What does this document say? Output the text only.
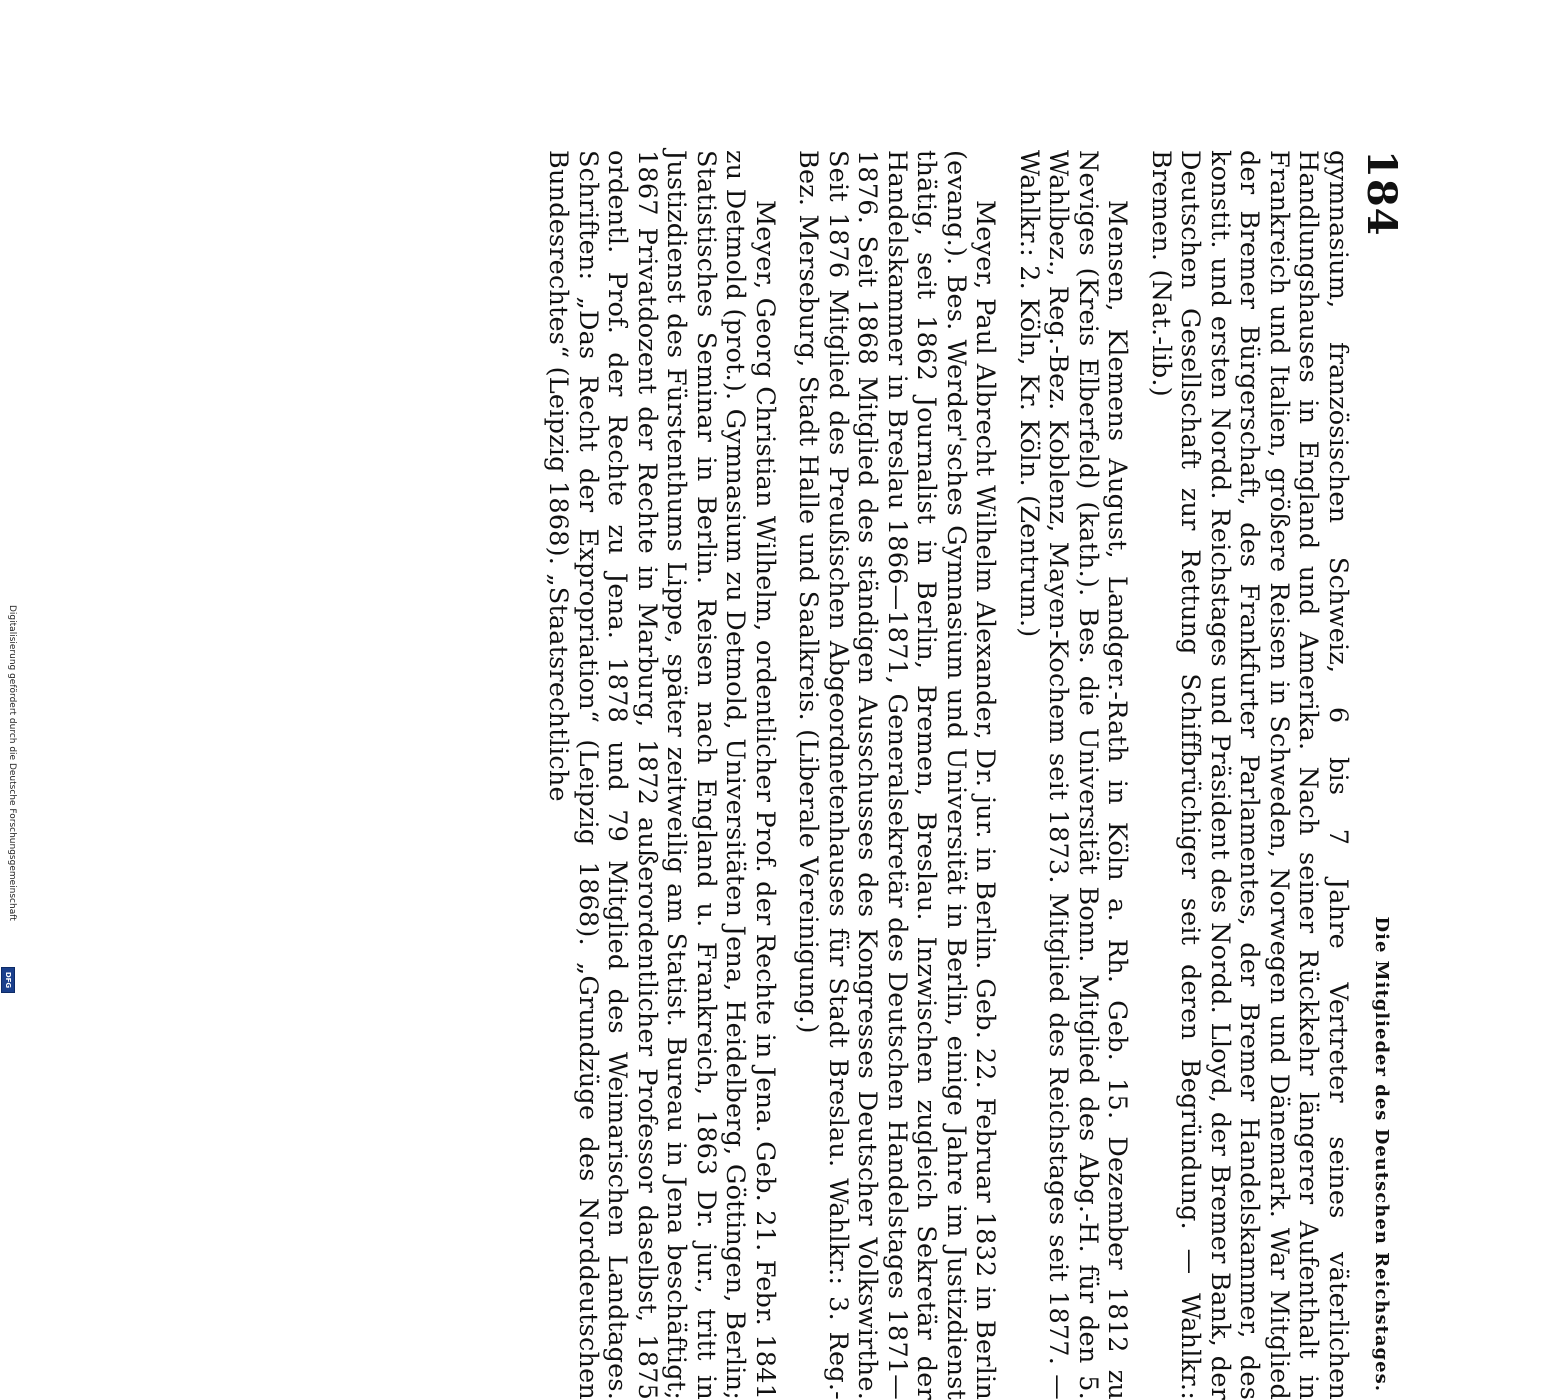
184
Die Mitglieder des Deutschen Reichstages.

gymnasium, französischen Schweiz, 6 bis 7 Jahre Vertreter seines väterlichen Handlungshauses in England und Amerika. Nach seiner Rückkehr längerer Aufenthalt in Frankreich und Italien, größere Reisen in Schweden, Norwegen und Dänemark. War Mitglied der Bremer Bürgerschaft, des Frankfurter Parlamentes, der Bremer Handelskammer, des konstit. und ersten Nordd. Reichstages und Präsident des Nordd. Lloyd, der Bremer Bank, der Deutschen Gesellschaft zur Rettung Schiffbrüchiger seit deren Begründung. — Wahlkr.: Bremen. (Nat.-lib.)

Mensen, Klemens August, Landger.-Rath in Köln a. Rh. Geb. 15. Dezember 1812 zu Neviges (Kreis Elberfeld) (kath.). Bes. die Universität Bonn. Mitglied des Abg.-H. für den 5. Wahlbez., Reg.-Bez. Koblenz, Mayen-Kochem seit 1873. Mitglied des Reichstages seit 1877. — Wahlkr.: 2. Köln, Kr. Köln. (Zentrum.)

Meyer, Paul Albrecht Wilhelm Alexander, Dr. jur. in Berlin. Geb. 22. Februar 1832 in Berlin (evang.). Bes. Werder'sches Gymnasium und Universität in Berlin, einige Jahre im Justizdienst thätig, seit 1862 Journalist in Berlin, Bremen, Breslau. Inzwischen zugleich Sekretär der Handelskammer in Breslau 1866—1871, Generalsekretär des Deutschen Handelstages 1871—1876. Seit 1868 Mitglied des ständigen Ausschusses des Kongresses Deutscher Volkswirthe. Seit 1876 Mitglied des Preußischen Abgeordnetenhauses für Stadt Breslau. Wahlkr.: 3. Reg.-Bez. Merseburg, Stadt Halle und Saalkreis. (Liberale Vereinigung.)

Meyer, Georg Christian Wilhelm, ordentlicher Prof. der Rechte in Jena. Geb. 21. Febr. 1841 zu Detmold (prot.). Gymnasium zu Detmold, Universitäten Jena, Heidelberg, Göttingen, Berlin; Statistisches Seminar in Berlin. Reisen nach England u. Frankreich, 1863 Dr. jur., tritt in Justizdienst des Fürstenthums Lippe, später zeitweilig am Statist. Bureau in Jena beschäftigt; 1867 Privatdozent der Rechte in Marburg, 1872 außerordentlicher Professor daselbst, 1875 ordentl. Prof. der Rechte zu Jena. 1878 und 79 Mitglied des Weimarischen Landtages. Schriften: „Das Recht der Expropriation“ (Leipzig 1868). „Grundzüge des Norddeutschen Bundesrechtes“ (Leipzig 1868). „Staatsrechtliche

Digitalisierung gefördert durch die Deutsche Forschungsgemeinschaft
DFG
